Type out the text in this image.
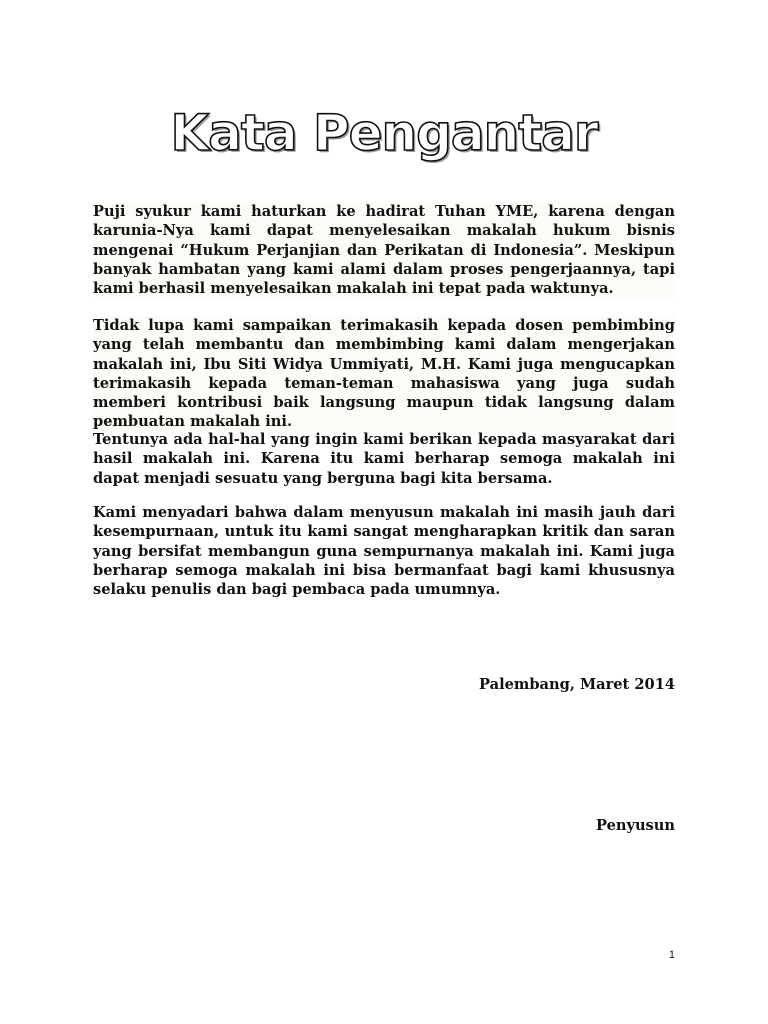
Kata Pengantar

Puji syukur kami haturkan ke hadirat Tuhan YME, karena dengan karunia-Nya kami dapat menyelesaikan makalah hukum bisnis mengenai “Hukum Perjanjian dan Perikatan di Indonesia”. Meskipun banyak hambatan yang kami alami dalam proses pengerjaannya, tapi kami berhasil menyelesaikan makalah ini tepat pada waktunya.

Tidak lupa kami sampaikan terimakasih kepada dosen pembimbing yang telah membantu dan membimbing kami dalam mengerjakan makalah ini, Ibu Siti Widya Ummiyati, M.H. Kami juga mengucapkan terimakasih kepada teman-teman mahasiswa yang juga sudah memberi kontribusi baik langsung maupun tidak langsung dalam pembuatan makalah ini.

Tentunya ada hal-hal yang ingin kami berikan kepada masyarakat dari hasil makalah ini. Karena itu kami berharap semoga makalah ini dapat menjadi sesuatu yang berguna bagi kita bersama.

Kami menyadari bahwa dalam menyusun makalah ini masih jauh dari kesempurnaan, untuk itu kami sangat mengharapkan kritik dan saran yang bersifat membangun guna sempurnanya makalah ini. Kami juga berharap semoga makalah ini bisa bermanfaat bagi kami khususnya selaku penulis dan bagi pembaca pada umumnya.

Palembang, Maret 2014
Penyusun
1
